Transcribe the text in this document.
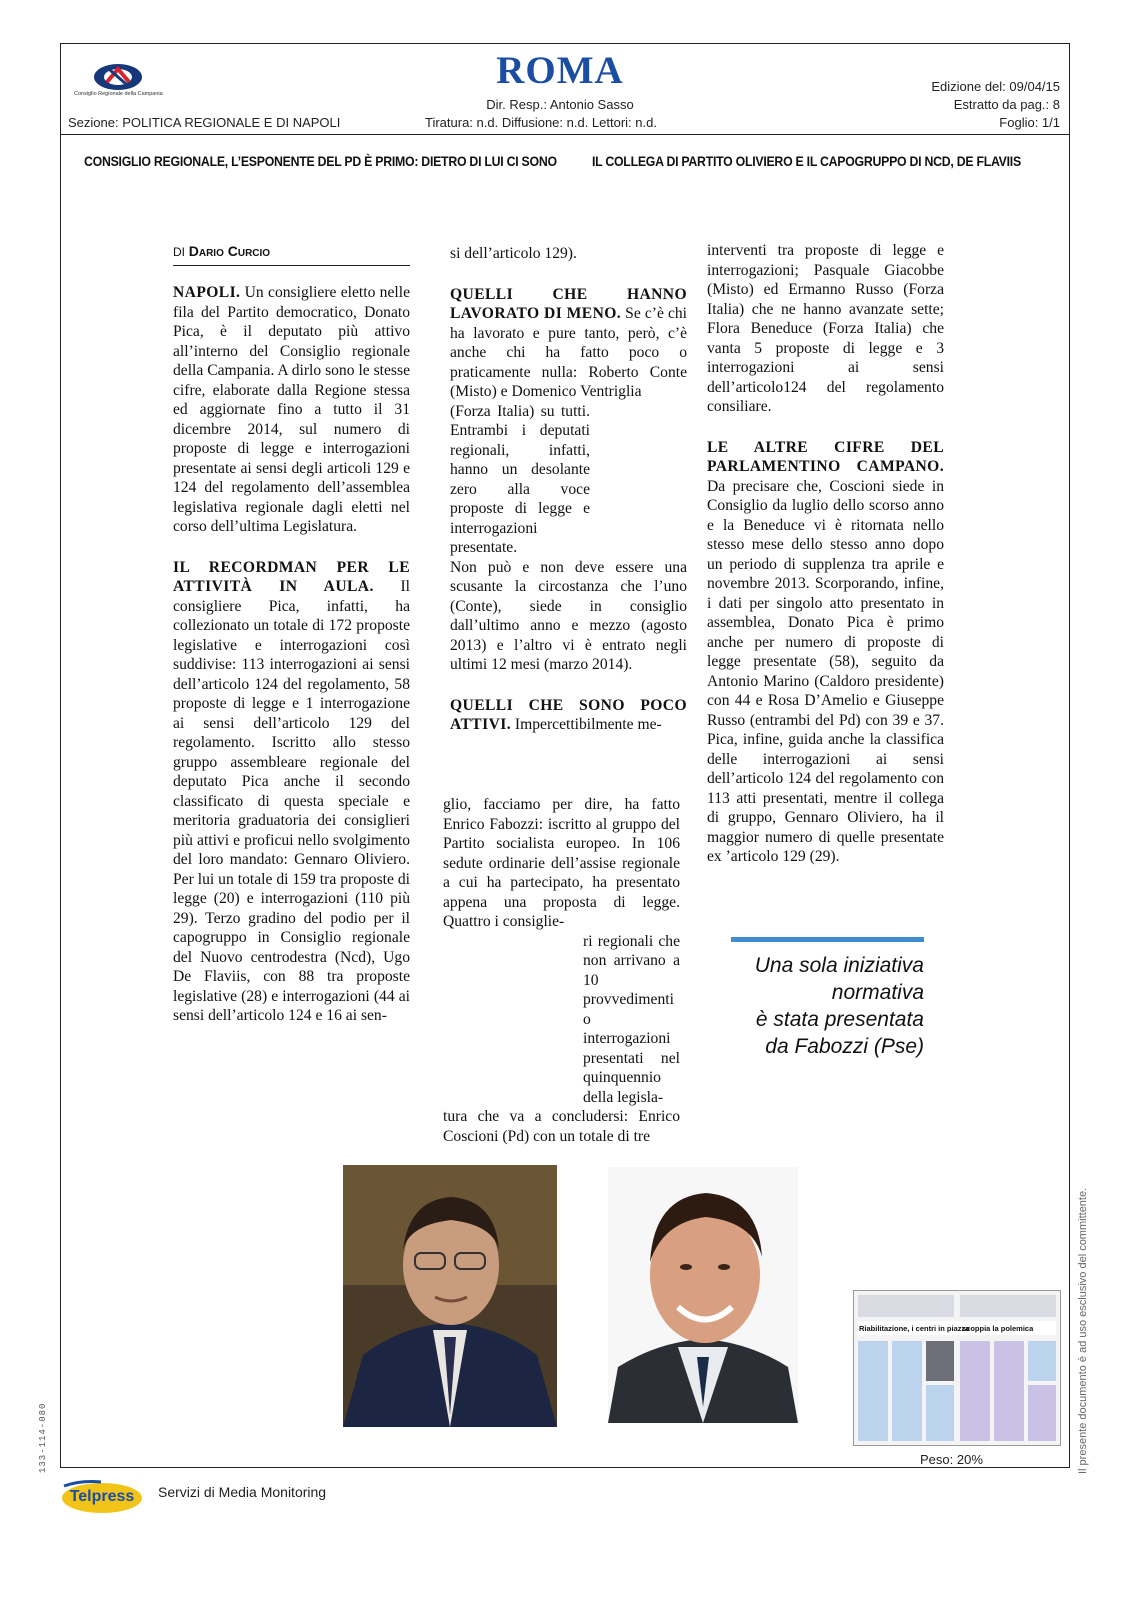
Consiglio Regionale della Campania
ROMA
Dir. Resp.: Antonio Sasso
Tiratura: n.d. Diffusione: n.d. Lettori: n.d.
Sezione: POLITICA REGIONALE E DI NAPOLI
Edizione del: 09/04/15
Estratto da pag.: 8
Foglio: 1/1
CONSIGLIO REGIONALE, L’ESPONENTE DEL PD È PRIMO: DIETRO DI LUI CI SONO	IL COLLEGA DI PARTITO OLIVIERO E IL CAPOGRUPPO DI NCD, DE FLAVIIS
DI Dario Curcio

NAPOLI. Un consigliere eletto nelle fila del Partito democratico, Donato Pica, è il deputato più attivo all’interno del Consiglio regionale della Campania. A dirlo sono le stesse cifre, elaborate dalla Regione stessa ed aggiornate fino a tutto il 31 dicembre 2014, sul numero di proposte di legge e interrogazioni presentate ai sensi degli articoli 129 e 124 del regolamento dell’assemblea legislativa regionale dagli eletti nel corso dell’ultima Legislatura.

IL RECORDMAN PER LE ATTIVITÀ IN AULA. Il consigliere Pica, infatti, ha collezionato un totale di 172 proposte legislative e interrogazioni così suddivise: 113 interrogazioni ai sensi dell’articolo 124 del regolamento, 58 proposte di legge e 1 interrogazione ai sensi dell’articolo 129 del regolamento. Iscritto allo stesso gruppo assembleare regionale del deputato Pica anche il secondo classificato di questa speciale e meritoria graduatoria dei consiglieri più attivi e proficui nello svolgimento del loro mandato: Gennaro Oliviero. Per lui un totale di 159 tra proposte di legge (20) e interrogazioni (110 più 29). Terzo gradino del podio per il capogruppo in Consiglio regionale del Nuovo centrodestra (Ncd), Ugo De Flaviis, con 88 tra proposte legislative (28) e interrogazioni (44 ai sensi dell’articolo 124 e 16 ai sen-

si dell’articolo 129).

QUELLI CHE HANNO LAVORATO DI MENO. Se c’è chi ha lavorato e pure tanto, però, c’è anche chi ha fatto poco o praticamente nulla: Roberto Conte (Misto) e Domenico Ventriglia

(Forza Italia) su tutti. Entrambi i deputati regionali, infatti, hanno un desolante zero alla voce proposte di legge e interrogazioni presentate.

Non può e non deve essere una scusante la circostanza che l’uno (Conte), siede in consiglio dall’ultimo anno e mezzo (agosto 2013) e l’altro vi è entrato negli ultimi 12 mesi (marzo 2014).

QUELLI CHE SONO POCO ATTIVI. Impercettibilmente me-

glio, facciamo per dire, ha fatto Enrico Fabozzi: iscritto al gruppo del Partito socialista europeo. In 106 sedute ordinarie dell’assise regionale a cui ha partecipato, ha presentato appena una proposta di legge. Quattro i consiglie-

ri regionali che non arrivano a 10 provvedimenti o interrogazioni presentati nel quinquennio della legisla-

tura che va a concludersi: Enrico Coscioni (Pd) con un totale di tre

interventi tra proposte di legge e interrogazioni; Pasquale Giacobbe (Misto) ed Ermanno Russo (Forza Italia) che ne hanno avanzate sette; Flora Beneduce (Forza Italia) che vanta 5 proposte di legge e 3 interrogazioni ai sensi dell’articolo124 del regolamento consiliare.

LE ALTRE CIFRE DEL PARLAMENTINO CAMPANO. Da precisare che, Coscioni siede in Consiglio da luglio dello scorso anno e la Beneduce vi è ritornata nello stesso mese dello stesso anno dopo un periodo di supplenza tra aprile e novembre 2013. Scorporando, infine, i dati per singolo atto presentato in assemblea, Donato Pica è primo anche per numero di proposte di legge presentate (58), seguito da Antonio Marino (Caldoro presidente) con 44 e Rosa D’Amelio e Giuseppe Russo (entrambi del Pd) con 39 e 37. Pica, infine, guida anche la classifica delle interrogazioni ai sensi dell’articolo 124 del regolamento con 113 atti presentati, mentre il collega di gruppo, Gennaro Oliviero, ha il maggior numero di quelle presentate ex ’articolo 129 (29).

Una sola iniziativa
normativa
è stata presentata
da Fabozzi (Pse)
Riabilitazione, i centri in piazza
scoppia la polemica
Peso: 20%
Telpress Servizi di Media Monitoring
133-114-080	Il presente documento è ad uso esclusivo del committente.
